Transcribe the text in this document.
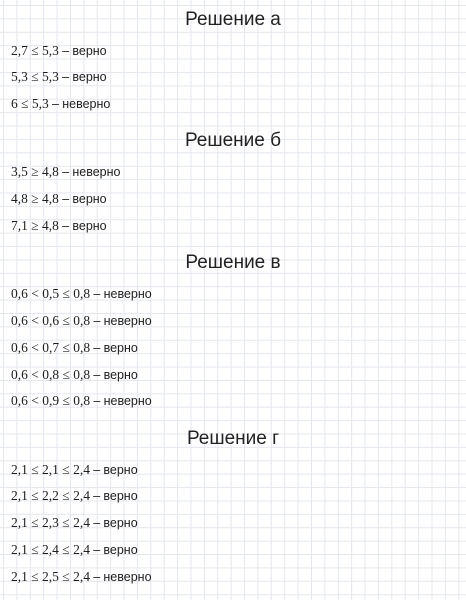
Решение а
2,7 ≤ 5,3 – верно
5,3 ≤ 5,3 – верно
6 ≤ 5,3 – неверно
Решение б
3,5 ≥ 4,8 – неверно
4,8 ≥ 4,8 – верно
7,1 ≥ 4,8 – верно
Решение в
0,6 < 0,5 ≤ 0,8 – неверно
0,6 < 0,6 ≤ 0,8 – неверно
0,6 < 0,7 ≤ 0,8 – верно
0,6 < 0,8 ≤ 0,8 – верно
0,6 < 0,9 ≤ 0,8 – неверно
Решение г
2,1 ≤ 2,1 ≤ 2,4 – верно
2,1 ≤ 2,2 ≤ 2,4 – верно
2,1 ≤ 2,3 ≤ 2,4 – верно
2,1 ≤ 2,4 ≤ 2,4 – верно
2,1 ≤ 2,5 ≤ 2,4 – неверно
